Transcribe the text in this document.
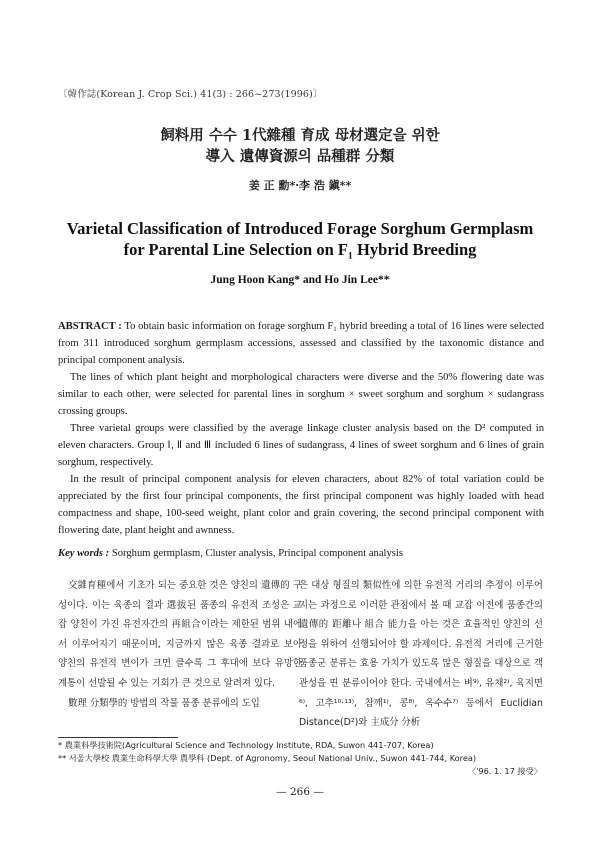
〔韓作誌(Korean J. Crop Sci.) 41(3) : 266~273(1996)〕
飼料用 수수 1代雜種 育成 母材選定을 위한
導入 遺傳資源의 品種群 分類
姜 正 勳*·李 浩 鎭**
Varietal Classification of Introduced Forage Sorghum Germplasm
for Parental Line Selection on F₁ Hybrid Breeding
Jung Hoon Kang* and Ho Jin Lee**

ABSTRACT : To obtain basic information on forage sorghum F₁ hybrid breeding a total of 16 lines were selected from 311 introduced sorghum germplasm accessions, assessed and classified by the taxonomic distance and principal component analysis.

The lines of which plant height and morphological characters were diverse and the 50% flowering date was similar to each other, were selected for parental lines in sorghum × sweet sorghum and sorghum × sudangrass crossing groups.

Three varietal groups were classified by the average linkage cluster analysis based on the D² computed in eleven characters. Group Ⅰ, Ⅱ and Ⅲ included 6 lines of sudangrass, 4 lines of sweet sorghum and 6 lines of grain sorghum, respectively.

In the result of principal component analysis for eleven characters, about 82% of total variation could be appreciated by the first four principal components, the first principal component was highly loaded with head compactness and shape, 100-seed weight, plant color and grain covering, the second principal component with flowering date, plant height and awnness.

Key words : Sorghum germplasm, Cluster analysis, Principal component analysis

交雜育種에서 기초가 되는 중요한 것은 양친의 遺傳的 구성이다. 이는 육종의 결과 選拔된 품종의 유전적 조성은 교잡 양친이 가진 유전자간의 再組合이라는 제한된 범위 내에서 이루어지기 때문이며, 지금까지 많은 육종 결과로 보아 양친의 유전적 변이가 크면 클수록 그 후대에 보다 유망한 계통이 선발될 수 있는 기회가 큰 것으로 알려져 있다.

數理 分類學的 방법의 작물 품종 분류에의 도입

은 대상 형질의 類似性에 의한 유전적 거리의 추정이 이루어지는 과정으로 이러한 관점에서 볼 때 교잡 이전에 품종간의 遺傳的 距離나 組合 能力을 아는 것은 효율적인 양친의 선정을 위하여 선행되어야 할 과제이다. 유전적 거리에 근거한 품종군 분류는 효용 가치가 있도록 많은 형질을 대상으로 객관성을 띤 분류이어야 한다. 국내에서는 벼⁹⁾, 유채²⁾, 육지면⁶⁾, 고추¹⁰·¹³⁾, 참깨¹⁾, 콩⁸⁾, 옥수수⁷⁾ 등에서 Euclidian Distance(D²)와 主成分 分析

* 農業科學技術院(Agricultural Science and Technology Institute, RDA, Suwon 441-707, Korea)
** 서울大學校 農業生命科學大學 農學科 (Dept. of Agronomy, Seoul National Univ., Suwon 441-744, Korea)
〈'96. 1. 17 接受〉
— 266 —
